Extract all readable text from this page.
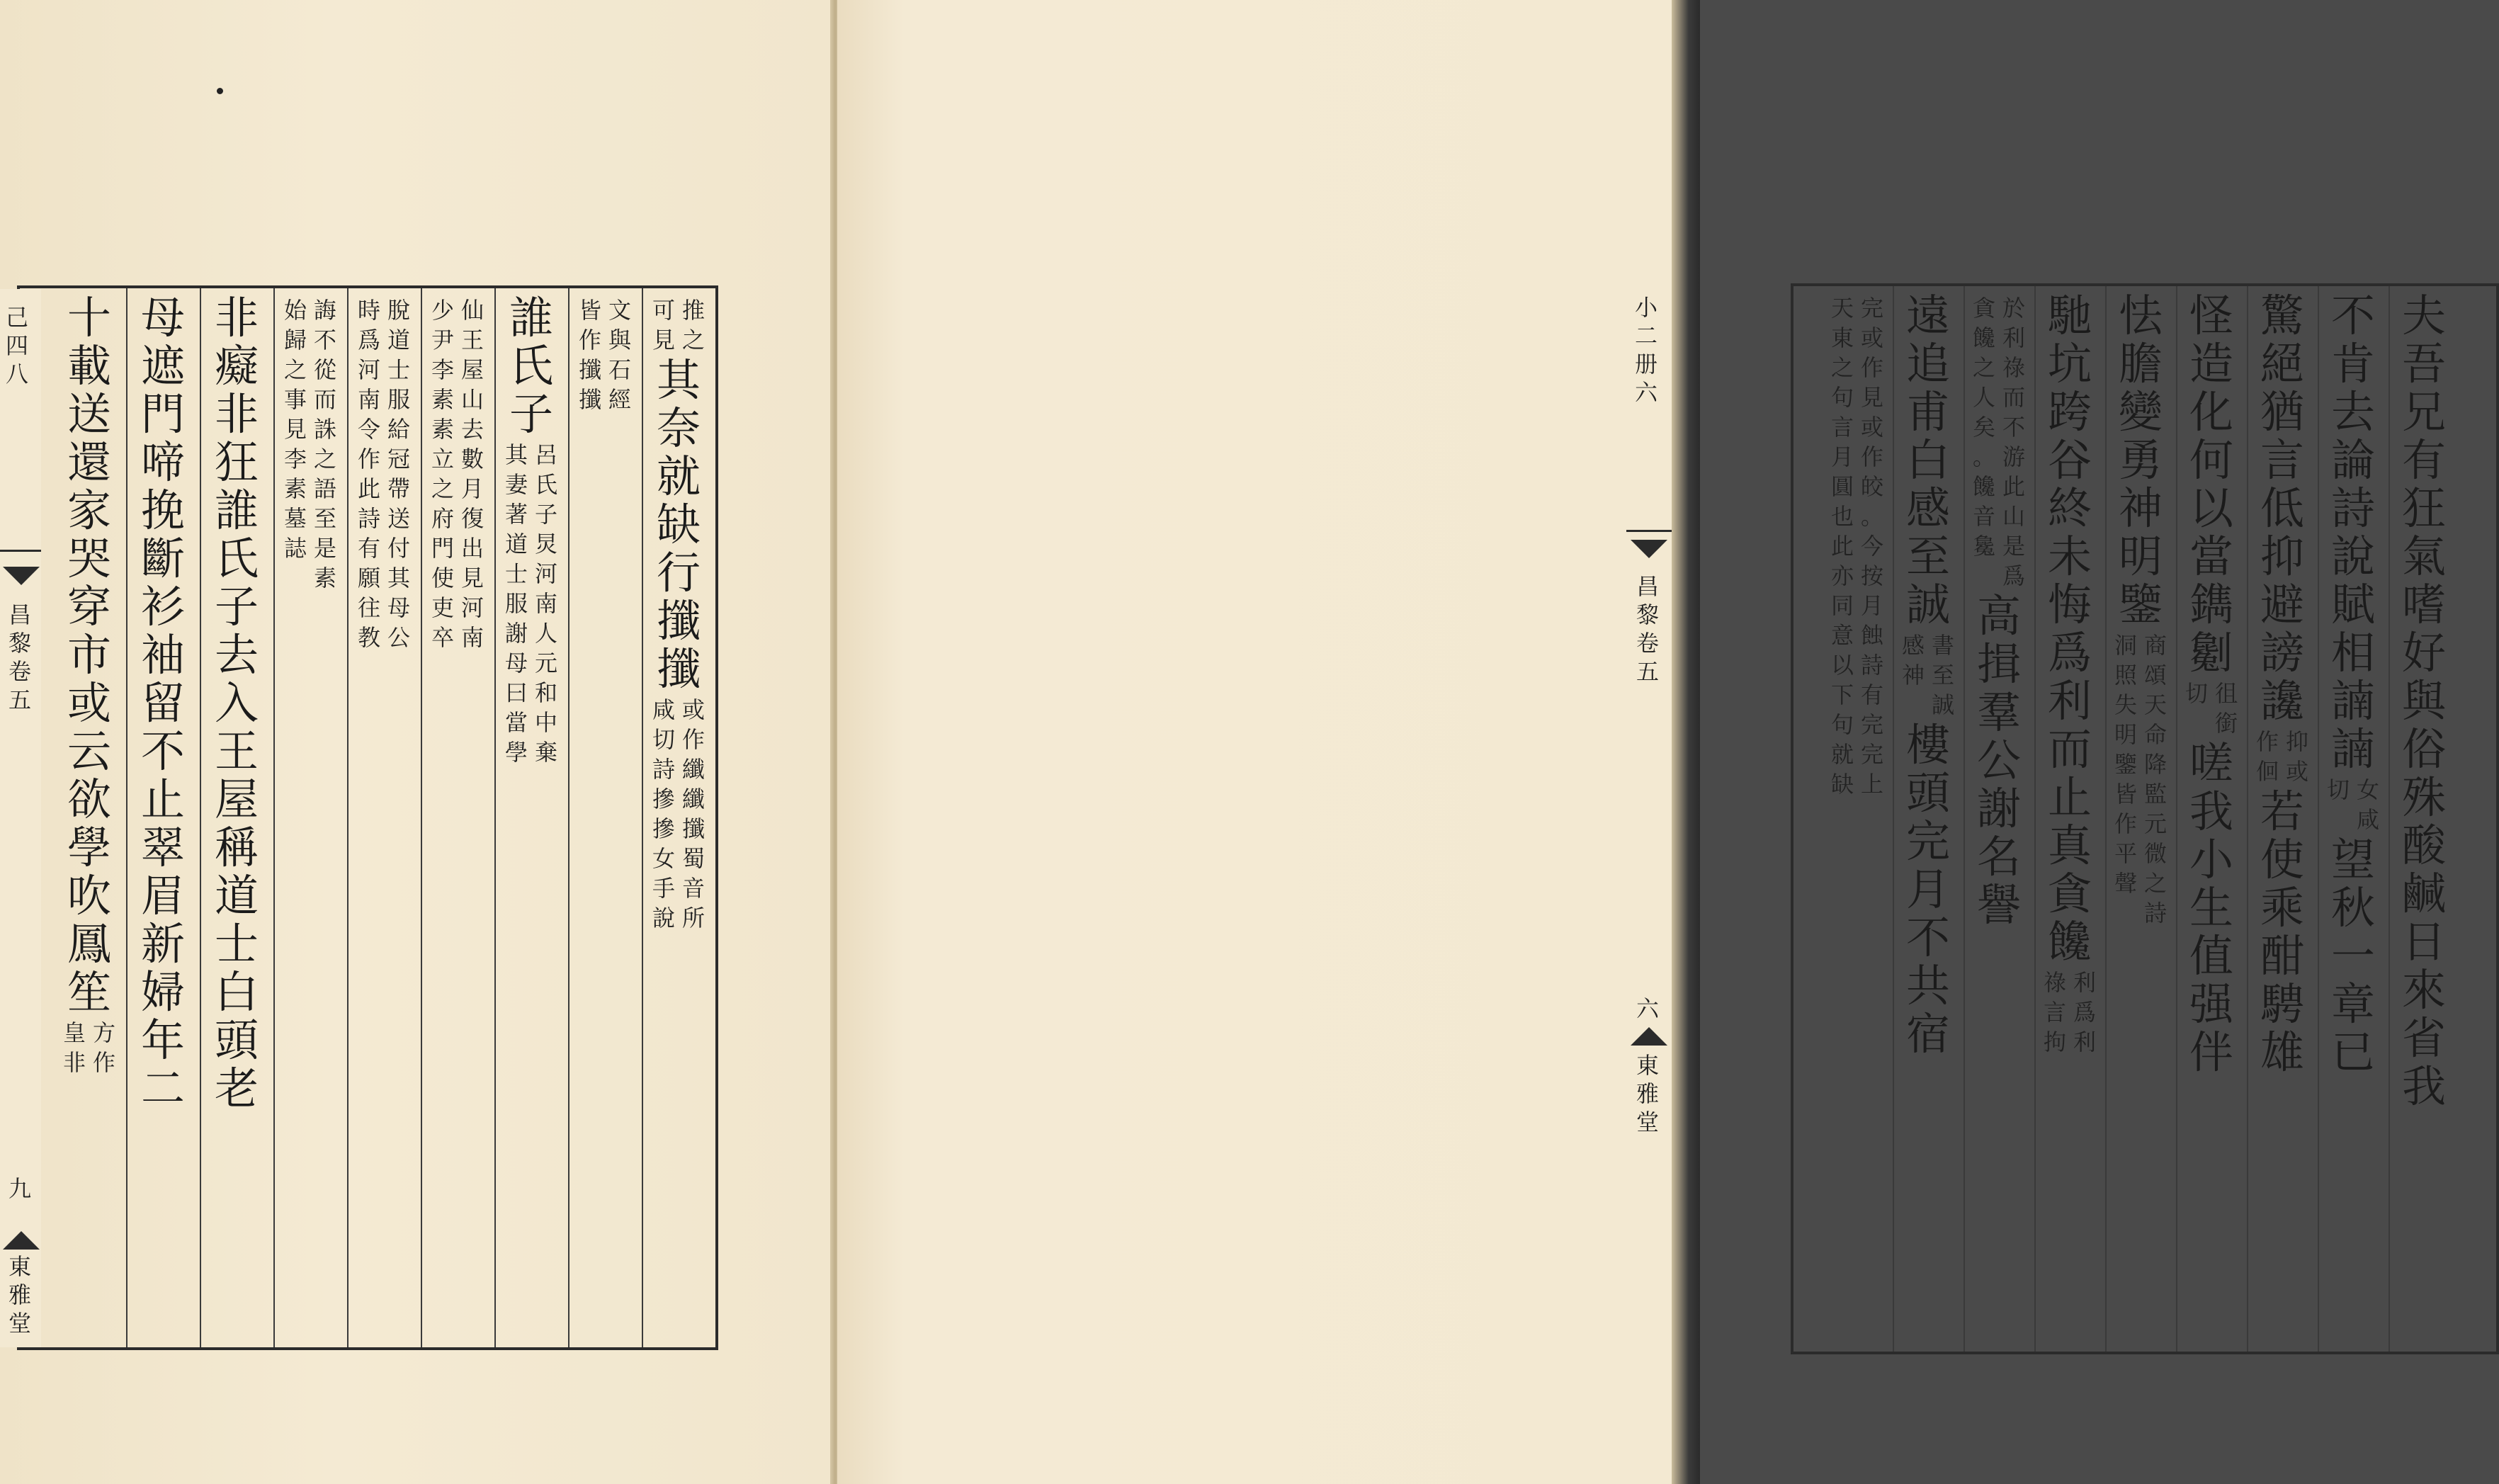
推
之
可
見
其
奈
就
缺
行
攕
攕
或
作
纖
纖
攕
蜀
音
所
咸
切
詩
摻
摻
女
手
說
文
與
石
經
皆
作
攕
攕
誰
氏
子
呂
氏
子
炅
河
南
人
元
和
中
棄
其
妻
著
道
士
服
謝
母
曰
當
學
仙
王
屋
山
去
數
月
復
出
見
河
南
少
尹
李
素
素
立
之
府
門
使
吏
卒
脫
道
士
服
給
冠
帶
送
付
其
母
公
時
爲
河
南
令
作
此
詩
有
願
往
教
誨
不
從
而
誅
之
語
至
是
素
始
歸
之
事
見
李
素
墓
誌
非
癡
非
狂
誰
氏
子
去
入
王
屋
稱
道
士
白
頭
老
母
遮
門
啼
挽
斷
衫
袖
留
不
止
翠
眉
新
婦
年
二
十
載
送
還
家
哭
穿
市
或
云
欲
學
吹
鳳
笙
方
作
皇
非
己
四
八
昌
黎
卷
五
九
東
雅
堂
夫
吾
兄
有
狂
氣
嗜
好
與
俗
殊
酸
鹹
日
來
省
我
不
肯
去
論
詩
說
賦
相
諵
諵
女
咸
切
望
秋
一
章
已
驚
絕
猶
言
低
抑
避
謗
讒
抑
或
作
佪
若
使
乘
酣
騁
雄
怪
造
化
何
以
當
鐫
劖
徂
銜
切
嗟
我
小
生
值
强
伴
怯
膽
變
勇
神
明
鑒
商
頌
天
命
降
監
元
微
之
詩
洞
照
失
明
鑒
皆
作
平
聲
馳
坑
跨
谷
終
未
悔
爲
利
而
止
真
貪
饞
利
爲
利
祿
言
拘
於
利
祿
而
不
游
此
山
是
爲
貪
饞
之
人
矣
。
饞
音
毚
高
揖
羣
公
謝
名
譽
遠
追
甫
白
感
至
誠
書
至
誠
感
神
樓
頭
完
月
不
共
宿
完
或
作
見
或
作
皎
。
今
按
月
蝕
詩
有
完
完
上
天
東
之
句
言
月
圓
也
此
亦
同
意
以
下
句
就
缺
小
二
册
六
昌
黎
卷
五
六
東
雅
堂
